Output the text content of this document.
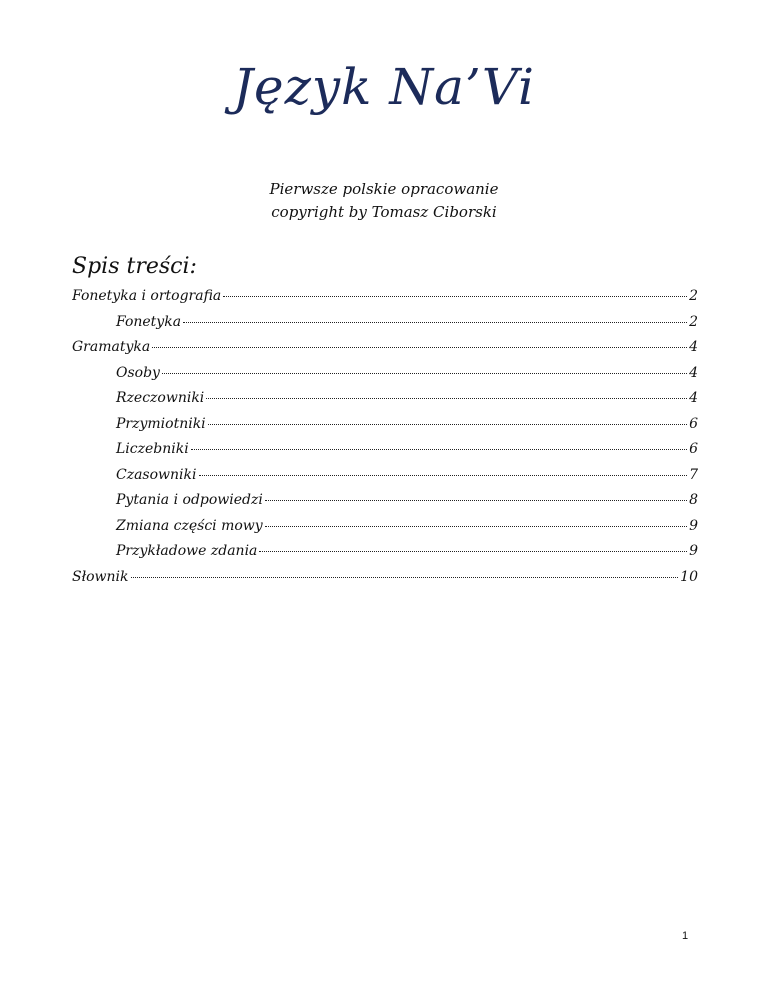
Język Na’Vi
Pierwsze polskie opracowanie
copyright by Tomasz Ciborski
Spis treści:
Fonetyka i ortografia	2
Fonetyka	2
Gramatyka	4
Osoby	4
Rzeczowniki	4
Przymiotniki	6
Liczebniki	6
Czasowniki	7
Pytania i odpowiedzi	8
Zmiana części mowy	9
Przykładowe zdania	9
Słownik	10
1
